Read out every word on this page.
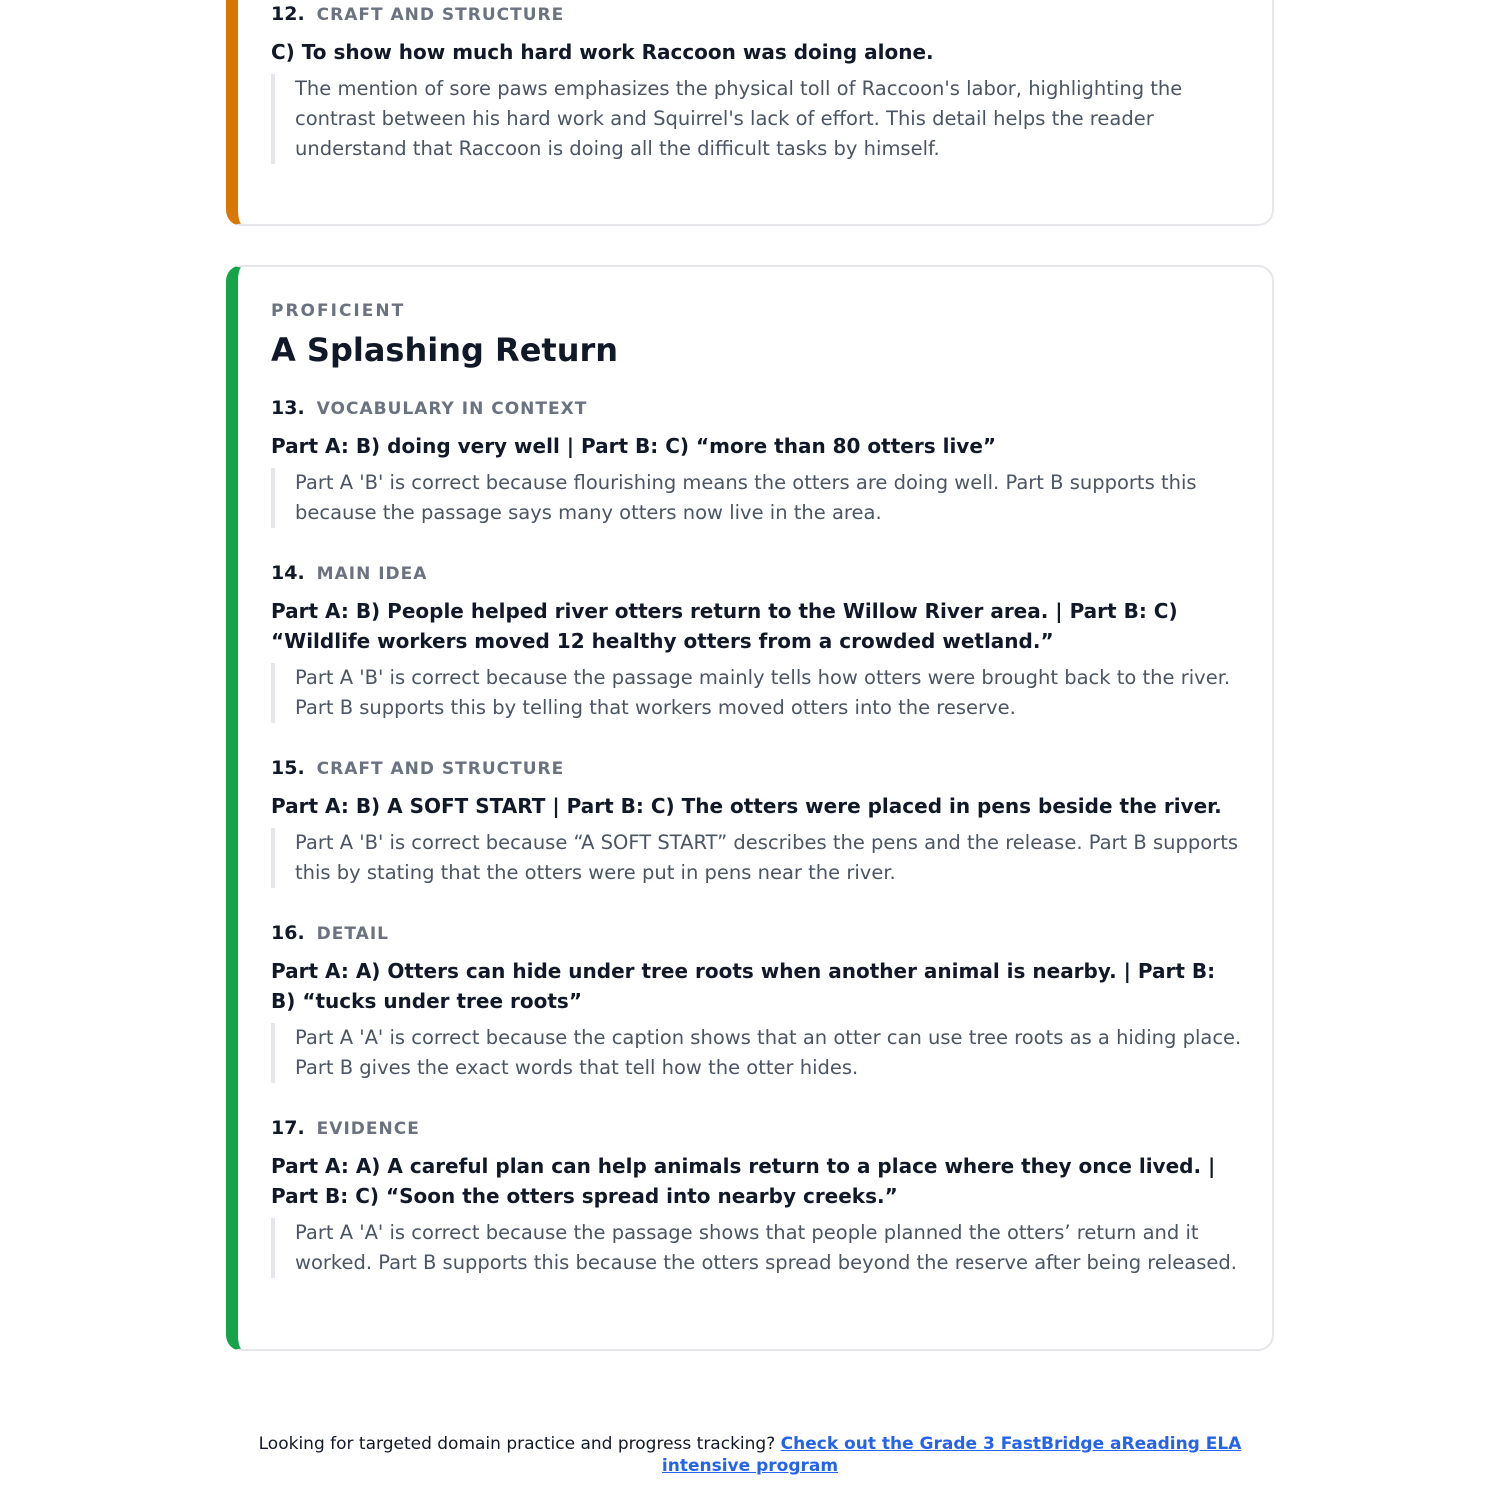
12. CRAFT AND STRUCTURE

C) To show how much hard work Raccoon was doing alone.

The mention of sore paws emphasizes the physical toll of Raccoon's labor, highlighting the contrast between his hard work and Squirrel's lack of effort. This detail helps the reader understand that Raccoon is doing all the difficult tasks by himself.

PROFICIENT

A Splashing Return
13. VOCABULARY IN CONTEXT

Part A: B) doing very well | Part B: C) “more than 80 otters live”

Part A 'B' is correct because flourishing means the otters are doing well. Part B supports this because the passage says many otters now live in the area.

14. MAIN IDEA

Part A: B) People helped river otters return to the Willow River area. | Part B: C) “Wildlife workers moved 12 healthy otters from a crowded wetland.”

Part A 'B' is correct because the passage mainly tells how otters were brought back to the river. Part B supports this by telling that workers moved otters into the reserve.

15. CRAFT AND STRUCTURE

Part A: B) A SOFT START | Part B: C) The otters were placed in pens beside the river.

Part A 'B' is correct because “A SOFT START” describes the pens and the release. Part B supports this by stating that the otters were put in pens near the river.

16. DETAIL

Part A: A) Otters can hide under tree roots when another animal is nearby. | Part B: B) “tucks under tree roots”

Part A 'A' is correct because the caption shows that an otter can use tree roots as a hiding place. Part B gives the exact words that tell how the otter hides.

17. EVIDENCE

Part A: A) A careful plan can help animals return to a place where they once lived. | Part B: C) “Soon the otters spread into nearby creeks.”

Part A 'A' is correct because the passage shows that people planned the otters’ return and it worked. Part B supports this because the otters spread beyond the reserve after being released.

Looking for targeted domain practice and progress tracking? Check out the Grade 3 FastBridge aReading ELA intensive program
